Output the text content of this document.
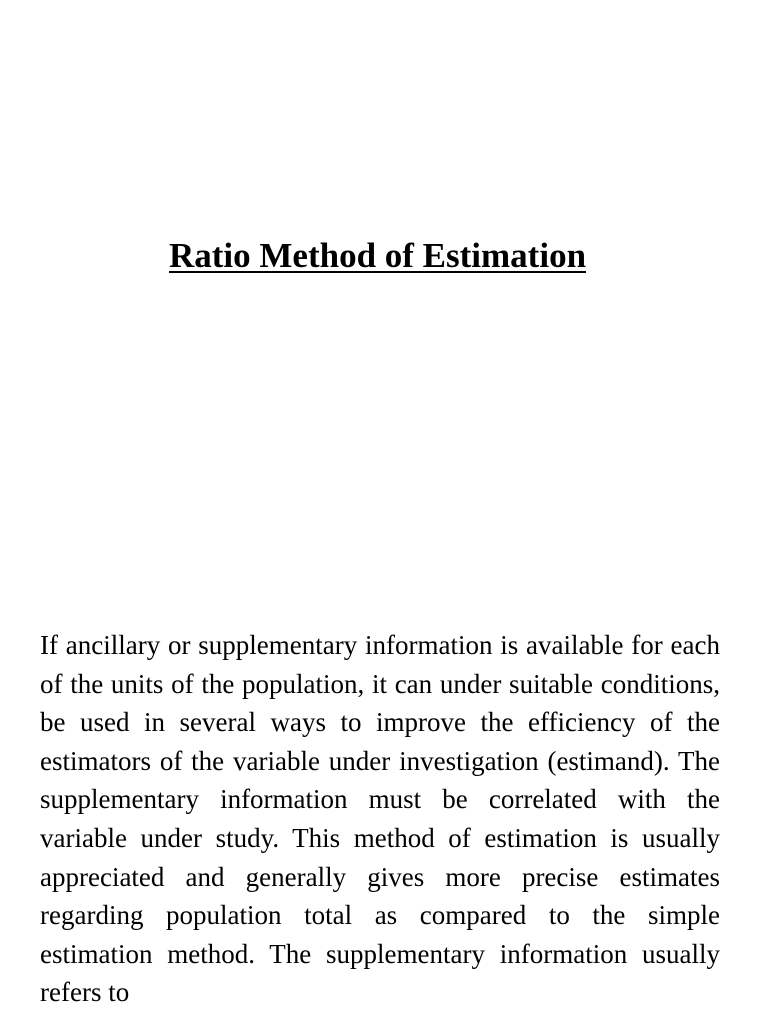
Ratio Method of Estimation

If ancillary or supplementary information is available for each of the units of the population, it can under suitable conditions, be used in several ways to improve the efficiency of the estimators of the variable under investigation (estimand). The supplementary information must be correlated with the variable under study. This method of estimation is usually appreciated and generally gives more precise estimates regarding population total as compared to the simple estimation method. The supplementary information usually refers to
